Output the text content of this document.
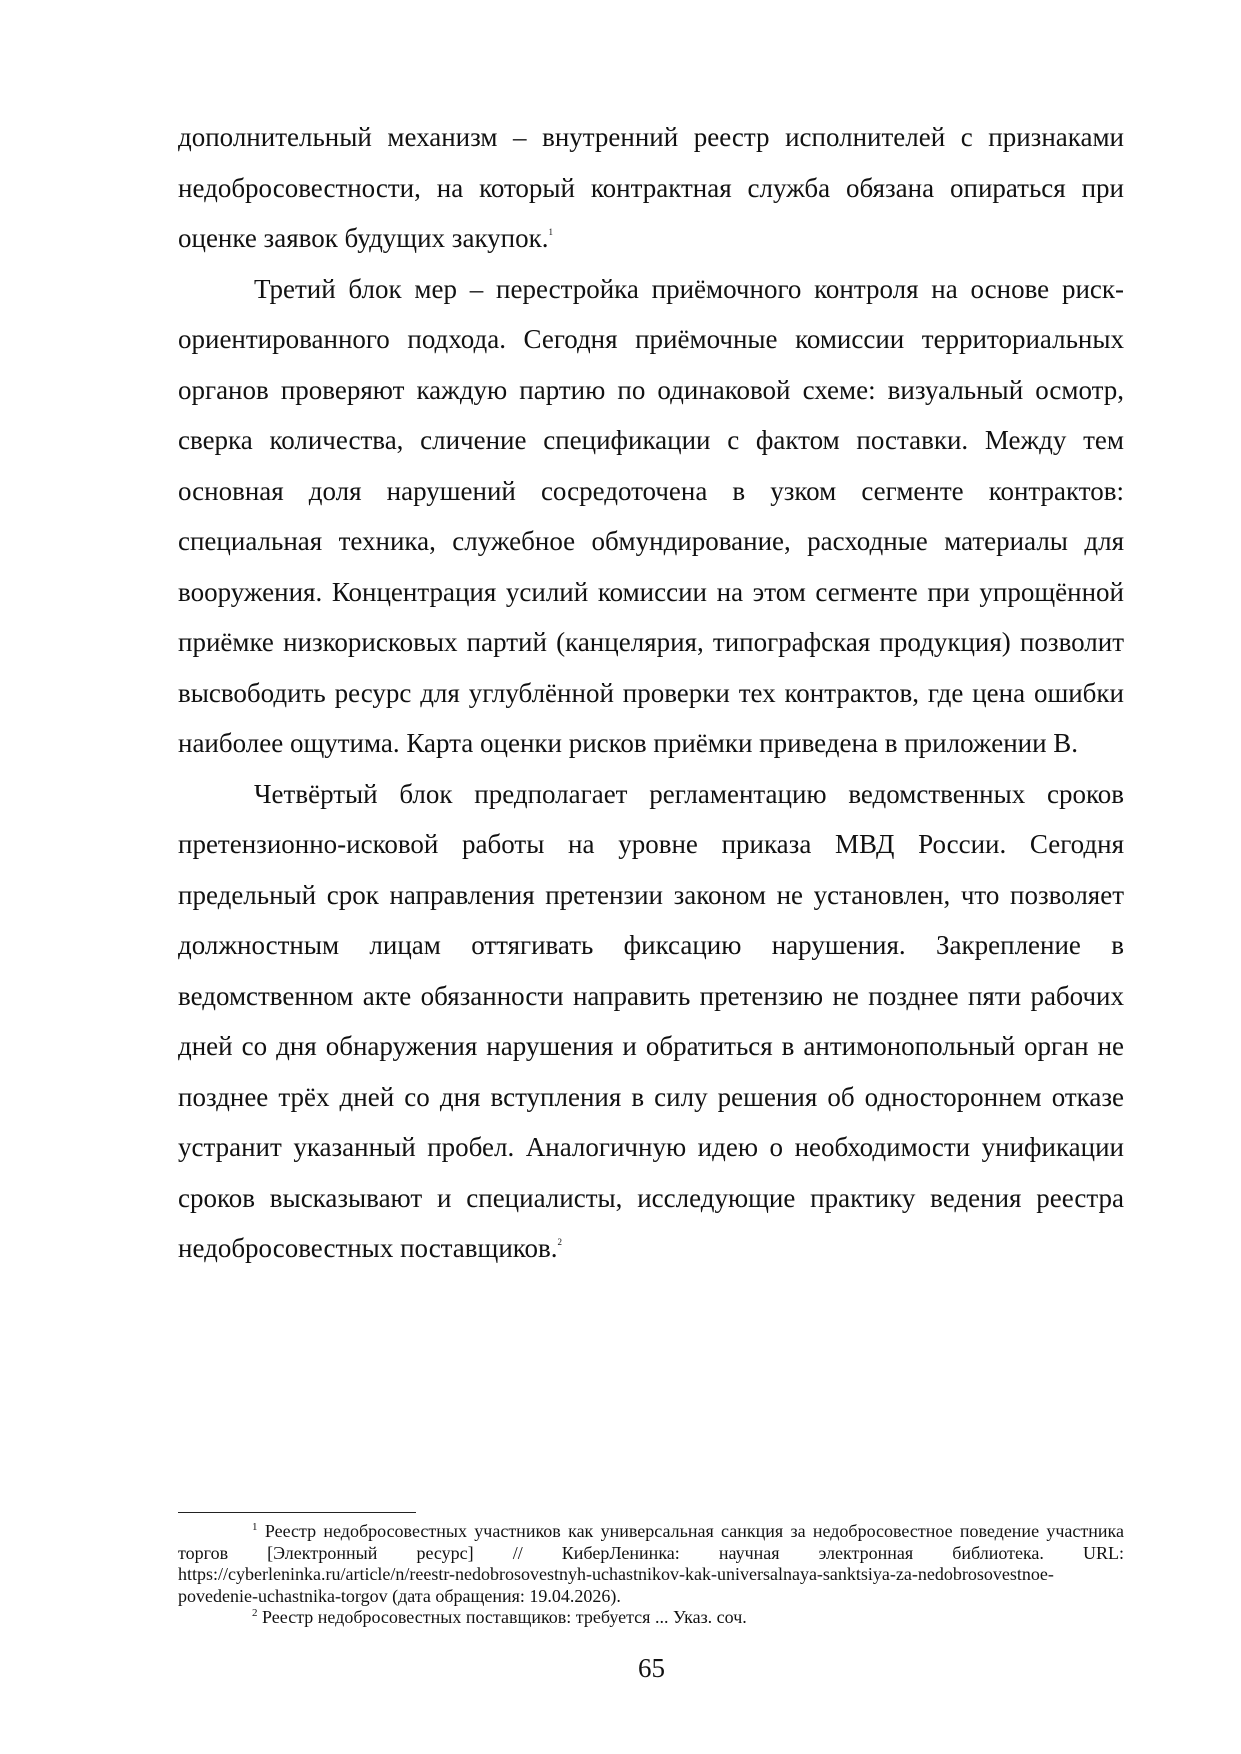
дополнительный механизм – внутренний реестр исполнителей с признаками недобросовестности, на который контрактная служба обязана опираться при оценке заявок будущих закупок.$^1$

Третий блок мер – перестройка приёмочного контроля на основе риск-ориентированного подхода. Сегодня приёмочные комиссии территориальных органов проверяют каждую партию по одинаковой схеме: визуальный осмотр, сверка количества, сличение спецификации с фактом поставки. Между тем основная доля нарушений сосредоточена в узком сегменте контрактов: специальная техника, служебное обмундирование, расходные материалы для вооружения. Концентрация усилий комиссии на этом сегменте при упрощённой приёмке низкорисковых партий (канцелярия, типографская продукция) позволит высвободить ресурс для углублённой проверки тех контрактов, где цена ошибки наиболее ощутима. Карта оценки рисков приёмки приведена в приложении В.

Четвёртый блок предполагает регламентацию ведомственных сроков претензионно-исковой работы на уровне приказа МВД России. Сегодня предельный срок направления претензии законом не установлен, что позволяет должностным лицам оттягивать фиксацию нарушения. Закрепление в ведомственном акте обязанности направить претензию не позднее пяти рабочих дней со дня обнаружения нарушения и обратиться в антимонопольный орган не позднее трёх дней со дня вступления в силу решения об одностороннем отказе устранит указанный пробел. Аналогичную идею о необходимости унификации сроков высказывают и специалисты, исследующие практику ведения реестра недобросовестных поставщиков.$^2$

$^1$ Реестр недобросовестных участников как универсальная санкция за недобросовестное поведение участника торгов [Электронный ресурс] // КиберЛенинка: научная электронная библиотека. URL: https://cyberleninka.ru/article/n/reestr-nedobrosovestnyh-uchastnikov-kak-universalnaya-sanktsiya-za-nedobrosovestnoe-povedenie-uchastnika-torgov (дата обращения: 19.04.2026).

$^2$ Реестр недобросовестных поставщиков: требуется ... Указ. соч.

65
